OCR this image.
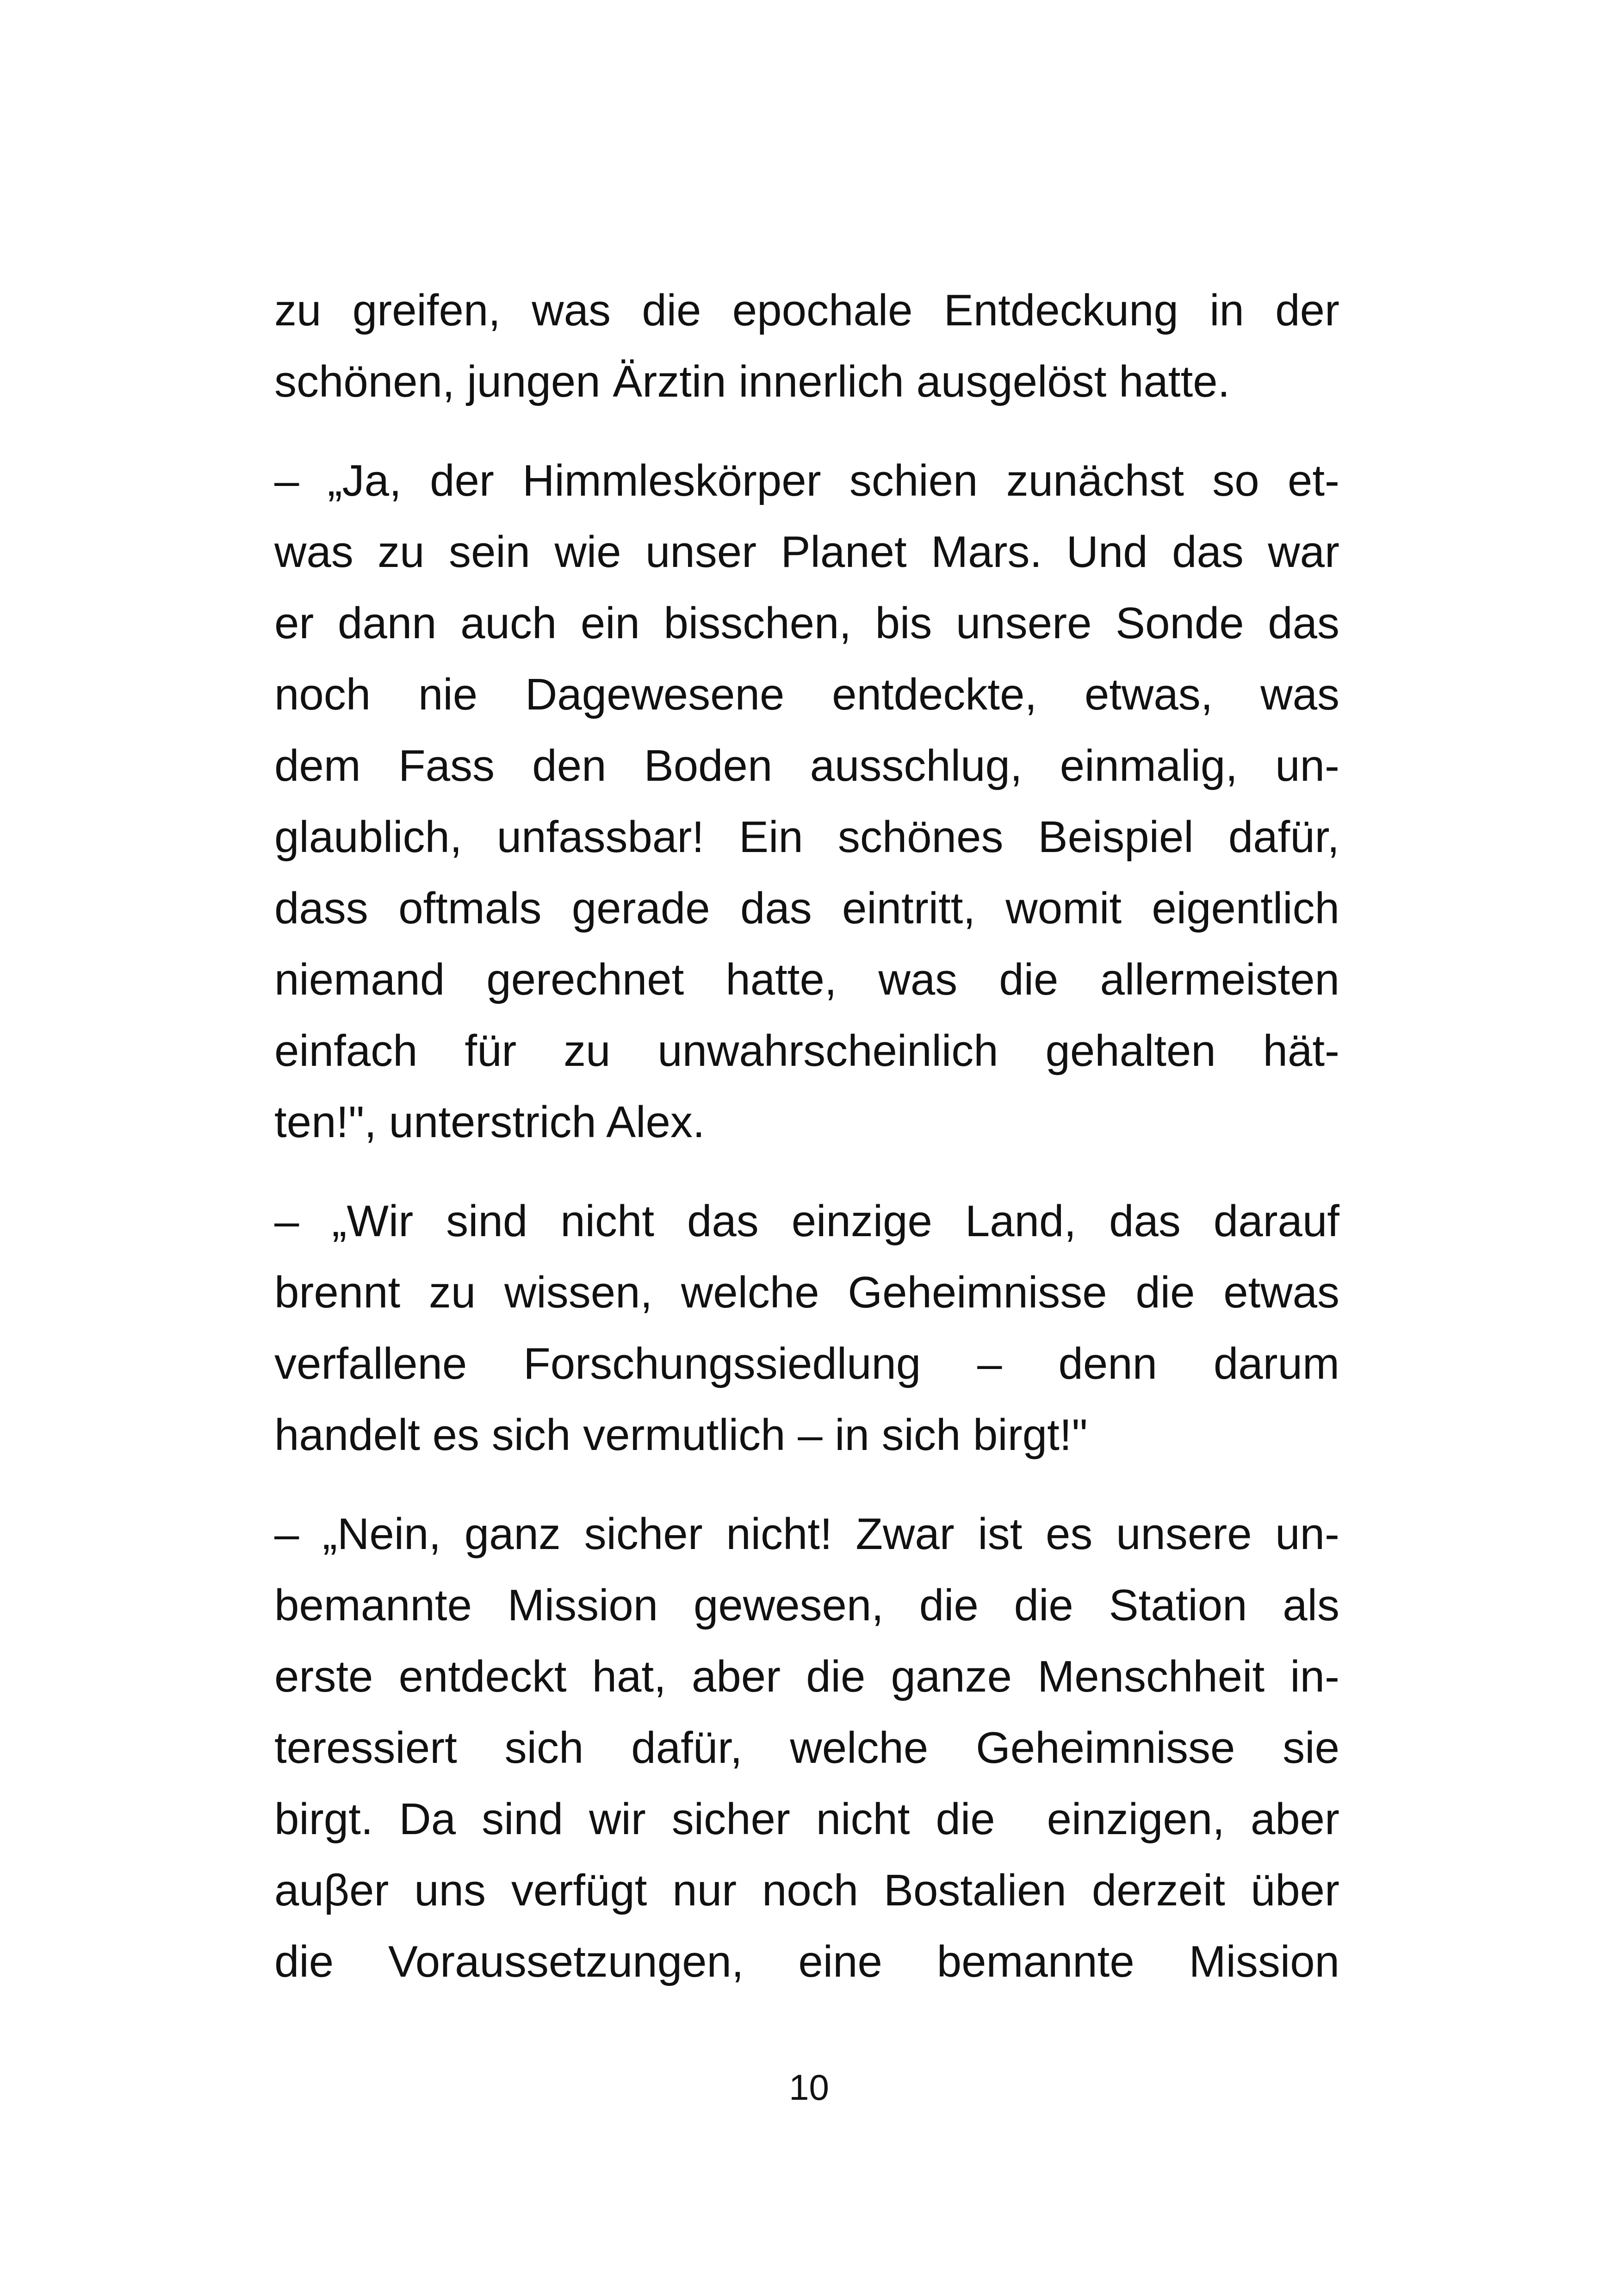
zu greifen, was die epochale Entdeckung in der
schönen, jungen Ärztin innerlich ausgelöst hatte.
– „Ja, der Himmleskörper schien zunächst so et-
was zu sein wie unser Planet Mars. Und das war
er dann auch ein bisschen, bis unsere Sonde das
noch nie Dagewesene entdeckte, etwas, was
dem Fass den Boden ausschlug, einmalig, un-
glaublich, unfassbar! Ein schönes Beispiel dafür,
dass oftmals gerade das eintritt, womit eigentlich
niemand gerechnet hatte, was die allermeisten
einfach für zu unwahrscheinlich gehalten hät-
ten!", unterstrich Alex.
– „Wir sind nicht das einzige Land, das darauf
brennt zu wissen, welche Geheimnisse die etwas
verfallene Forschungssiedlung – denn darum
handelt es sich vermutlich – in sich birgt!"
– „Nein, ganz sicher nicht! Zwar ist es unsere un-
bemannte Mission gewesen, die die Station als
erste entdeckt hat, aber die ganze Menschheit in-
teressiert sich dafür, welche Geheimnisse sie
birgt. Da sind wir sicher nicht die  einzigen, aber
auβer uns verfügt nur noch Bostalien derzeit über
die Voraussetzungen, eine bemannte Mission
10
